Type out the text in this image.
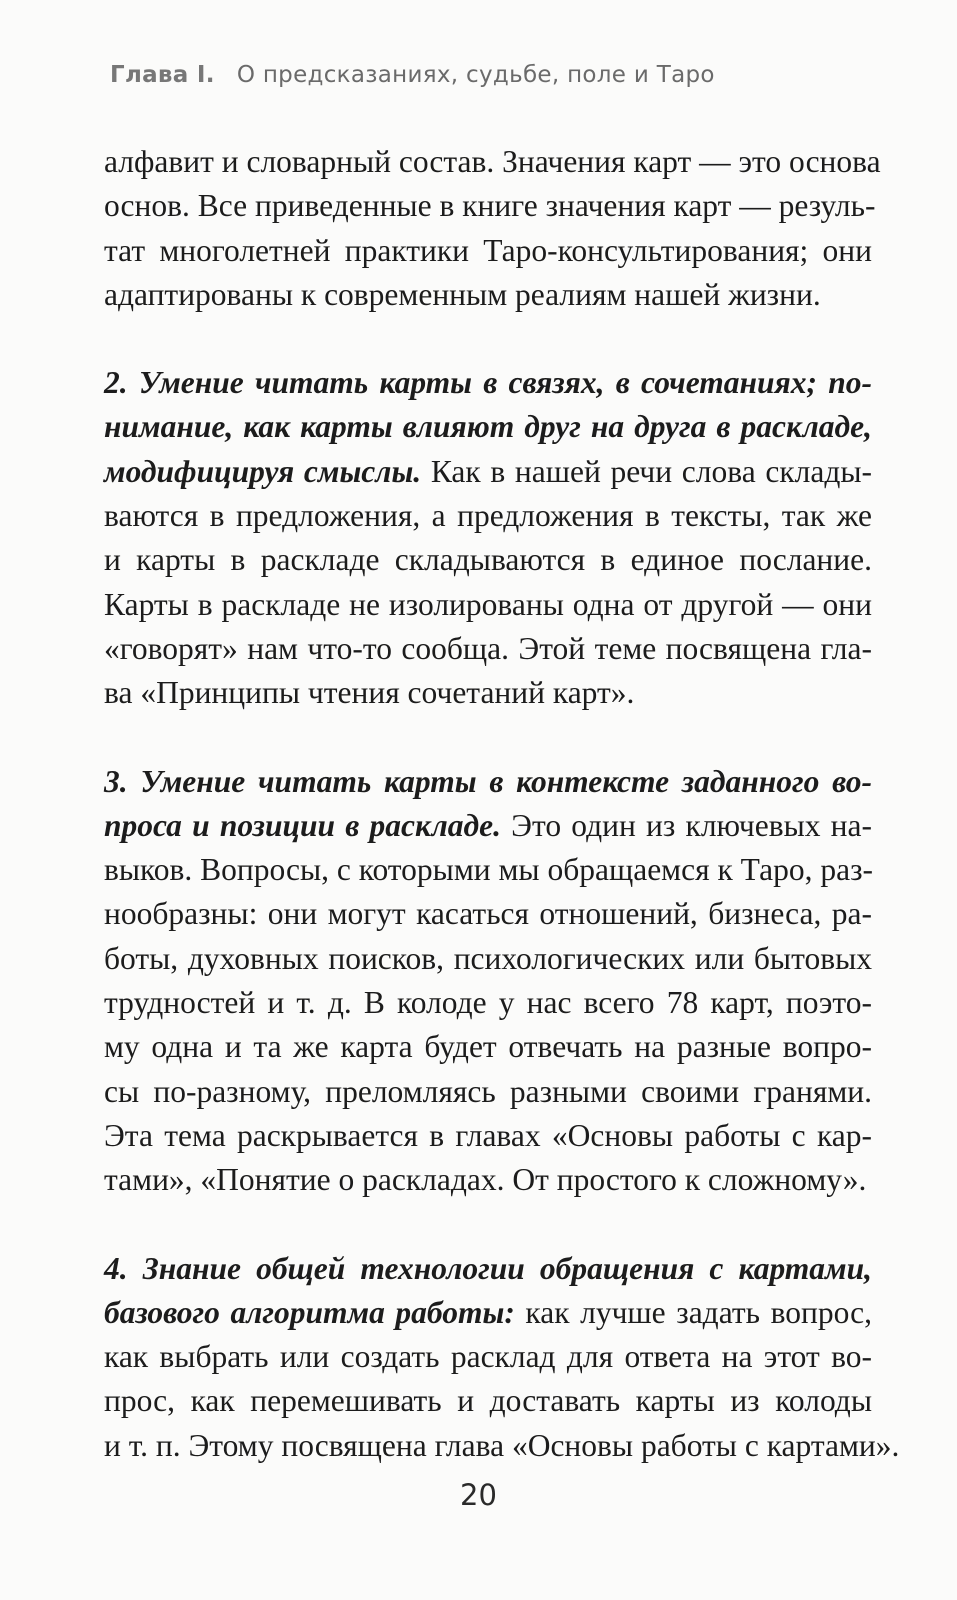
Глава I. О предсказаниях, судьбе, поле и Таро
алфавит и словарный состав. Значения карт — это основа
основ. Все приведенные в книге значения карт — резуль-
тат многолетней практики Таро-консультирования; они
адаптированы к современным реалиям нашей жизни.
2. Умение читать карты в связях, в сочетаниях; по-
нимание, как карты влияют друг на друга в раскладе,
модифицируя смыслы. Как в нашей речи слова склады-
ваются в предложения, а предложения в тексты, так же
и карты в раскладе складываются в единое послание.
Карты в раскладе не изолированы одна от другой — они
«говорят» нам что-то сообща. Этой теме посвящена гла-
ва «Принципы чтения сочетаний карт».
3. Умение читать карты в контексте заданного во-
проса и позиции в раскладе. Это один из ключевых на-
выков. Вопросы, с которыми мы обращаемся к Таро, раз-
нообразны: они могут касаться отношений, бизнеса, ра-
боты, духовных поисков, психологических или бытовых
трудностей и т. д. В колоде у нас всего 78 карт, поэто-
му одна и та же карта будет отвечать на разные вопро-
сы по-разному, преломляясь разными своими гранями.
Эта тема раскрывается в главах «Основы работы с кар-
тами», «Понятие о раскладах. От простого к сложному».
4. Знание общей технологии обращения с картами,
базового алгоритма работы: как лучше задать вопрос,
как выбрать или создать расклад для ответа на этот во-
прос, как перемешивать и доставать карты из колоды
и т. п. Этому посвящена глава «Основы работы с картами».
20
